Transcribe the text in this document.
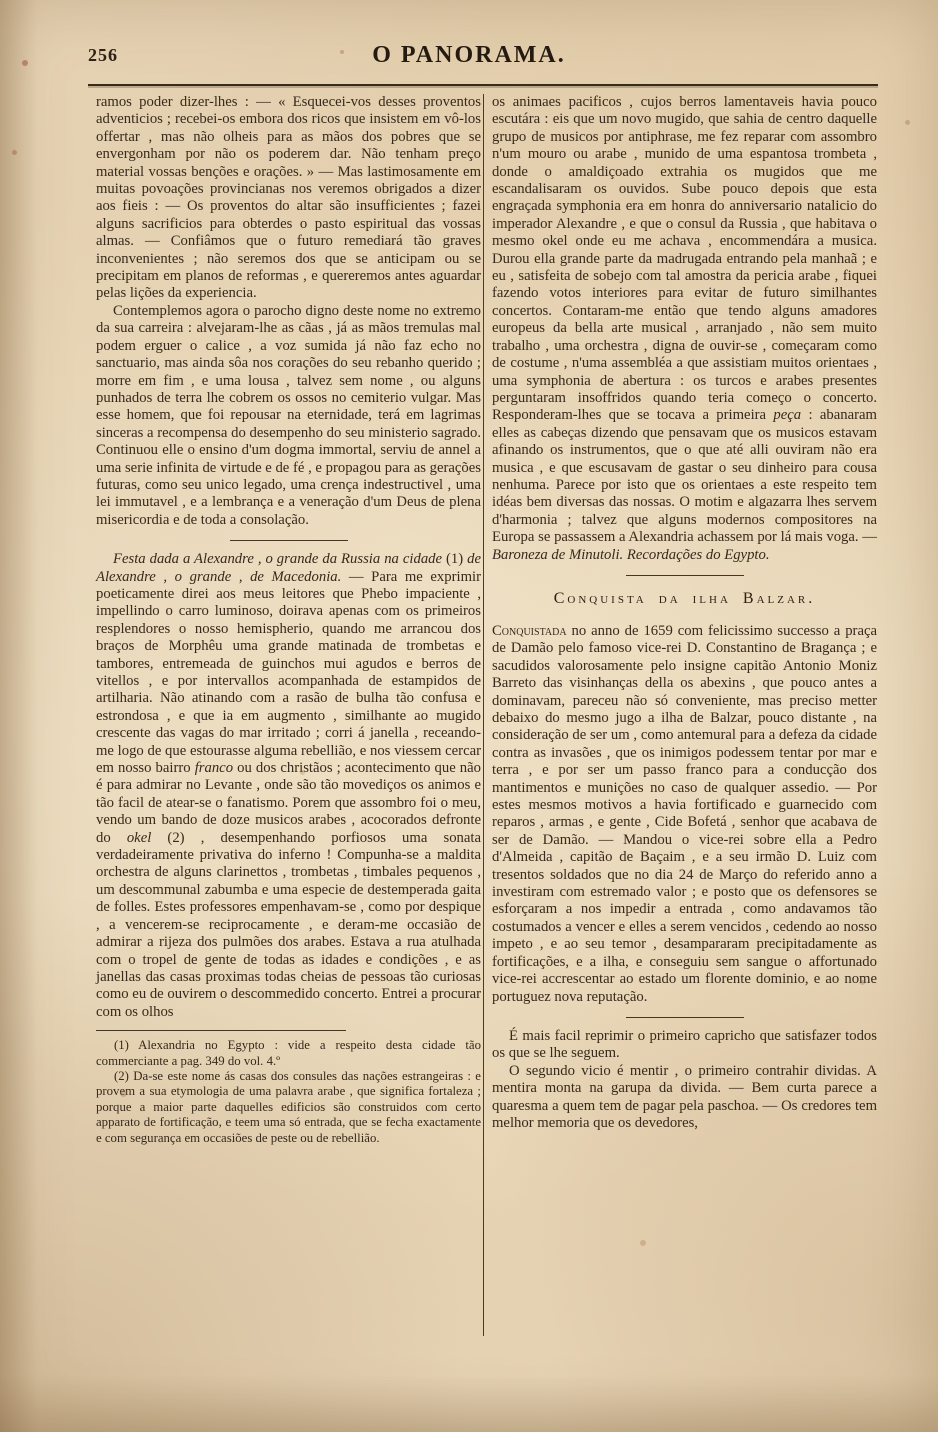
256	O PANORAMA.

ramos poder dizer-lhes : — « Esquecei-vos desses proventos adventicios ; recebei-os embora dos ricos que insistem em vô-los offertar , mas não olheis para as mãos dos pobres que se envergonham por não os poderem dar. Não tenham preço material vossas benções e orações. » — Mas lastimosamente em muitas povoações provincianas nos veremos obrigados a dizer aos fieis : — Os proventos do altar são insufficientes ; fazei alguns sacrificios para obterdes o pasto espiritual das vossas almas. — Confiâmos que o futuro remediará tão graves inconvenientes ; não seremos dos que se anticipam ou se precipitam em planos de reformas , e quereremos antes aguardar pelas lições da experiencia.

Contemplemos agora o parocho digno deste nome no extremo da sua carreira : alvejaram-lhe as cãas , já as mãos tremulas mal podem erguer o calice , a voz sumida já não faz echo no sanctuario, mas ainda sôa nos corações do seu rebanho querido ; morre em fim , e uma lousa , talvez sem nome , ou alguns punhados de terra lhe cobrem os ossos no cemiterio vulgar. Mas esse homem, que foi repousar na eternidade, terá em lagrimas sinceras a recompensa do desempenho do seu ministerio sagrado. Continuou elle o ensino d'um dogma immortal, serviu de annel a uma serie infinita de virtude e de fé , e propagou para as gerações futuras, como seu unico legado, uma crença indestructivel , uma lei immutavel , e a lembrança e a veneração d'um Deus de plena misericordia e de toda a consolação.

Festa dada a Alexandre , o grande da Russia na cidade (1) de Alexandre , o grande , de Macedonia. — Para me exprimir poeticamente direi aos meus leitores que Phebo impaciente , impellindo o carro luminoso, doirava apenas com os primeiros resplendores o nosso hemispherio, quando me arrancou dos braços de Morphêu uma grande matinada de trombetas e tambores, entremeada de guinchos mui agudos e berros de vitellos , e por intervallos acompanhada de estampidos de artilharia. Não atinando com a rasão de bulha tão confusa e estrondosa , e que ia em augmento , similhante ao mugido crescente das vagas do mar irritado ; corri á janella , receando-me logo de que estourasse alguma rebellião, e nos viessem cercar em nosso bairro franco ou dos christãos ; acontecimento que não é para admirar no Levante , onde são tão movediços os animos e tão facil de atear-se o fanatismo. Porem que assombro foi o meu, vendo um bando de doze musicos arabes , acocorados defronte do okel (2) , desempenhando porfiosos uma sonata verdadeiramente privativa do inferno ! Compunha-se a maldita orchestra de alguns clarinettos , trombetas , timbales pequenos , um descommunal zabumba e uma especie de destemperada gaita de folles. Estes professores empenhavam-se , como por despique , a vencerem-se reciprocamente , e deram-me occasião de admirar a rijeza dos pulmões dos arabes. Estava a rua atulhada com o tropel de gente de todas as idades e condições , e as janellas das casas proximas todas cheias de pessoas tão curiosas como eu de ouvirem o descommedido concerto. Entrei a procurar com os olhos

(1) Alexandria no Egypto : vide a respeito desta cidade tão commerciante a pag. 349 do vol. 4.º

(2) Da-se este nome ás casas dos consules das nações estrangeiras : e provem a sua etymologia de uma palavra arabe , que significa fortaleza ; porque a maior parte daquelles edificios são construidos com certo apparato de fortificação, e teem uma só entrada, que se fecha exactamente e com segurança em occasiões de peste ou de rebellião.

os animaes pacificos , cujos berros lamentaveis havia pouco escutára : eis que um novo mugido, que sahia de centro daquelle grupo de musicos por antiphrase, me fez reparar com assombro n'um mouro ou arabe , munido de uma espantosa trombeta , donde o amaldiçoado extrahia os mugidos que me escandalisaram os ouvidos. Sube pouco depois que esta engraçada symphonia era em honra do anniversario natalicio do imperador Alexandre , e que o consul da Russia , que habitava o mesmo okel onde eu me achava , encommendára a musica. Durou ella grande parte da madrugada entrando pela manhaã ; e eu , satisfeita de sobejo com tal amostra da pericia arabe , fiquei fazendo votos interiores para evitar de futuro similhantes concertos. Contaram-me então que tendo alguns amadores europeus da bella arte musical , arranjado , não sem muito trabalho , uma orchestra , digna de ouvir-se , começaram como de costume , n'uma assembléa a que assistiam muitos orientaes , uma symphonia de abertura : os turcos e arabes presentes perguntaram insoffridos quando teria começo o concerto. Responderam-lhes que se tocava a primeira peça : abanaram elles as cabeças dizendo que pensavam que os musicos estavam afinando os instrumentos, que o que até alli ouviram não era musica , e que escusavam de gastar o seu dinheiro para cousa nenhuma. Parece por isto que os orientaes a este respeito tem idéas bem diversas das nossas. O motim e algazarra lhes servem d'harmonia ; talvez que alguns modernos compositores na Europa se passassem a Alexandria achassem por lá mais voga. — Baroneza de Minutoli. Recordações do Egypto.

Conquista da ilha Balzar.

Conquistada no anno de 1659 com felicissimo successo a praça de Damão pelo famoso vice-rei D. Constantino de Bragança ; e sacudidos valorosamente pelo insigne capitão Antonio Moniz Barreto das visinhanças della os abexins , que pouco antes a dominavam, pareceu não só conveniente, mas preciso metter debaixo do mesmo jugo a ilha de Balzar, pouco distante , na consideração de ser um , como antemural para a defeza da cidade contra as invasões , que os inimigos podessem tentar por mar e terra , e por ser um passo franco para a conducção dos mantimentos e munições no caso de qualquer assedio. — Por estes mesmos motivos a havia fortificado e guarnecido com reparos , armas , e gente , Cide Bofetá , senhor que acabava de ser de Damão. — Mandou o vice-rei sobre ella a Pedro d'Almeida , capitão de Baçaim , e a seu irmão D. Luiz com tresentos soldados que no dia 24 de Março do referido anno a investiram com estremado valor ; e posto que os defensores se esforçaram a nos impedir a entrada , como andavamos tão costumados a vencer e elles a serem vencidos , cedendo ao nosso impeto , e ao seu temor , desampararam precipitadamente as fortificações, e a ilha, e conseguiu sem sangue o affortunado vice-rei accrescentar ao estado um florente dominio, e ao nome portuguez nova reputação.

É mais facil reprimir o primeiro capricho que satisfazer todos os que se lhe seguem.

O segundo vicio é mentir , o primeiro contrahir dividas. A mentira monta na garupa da divida. — Bem curta parece a quaresma a quem tem de pagar pela paschoa. — Os credores tem melhor memoria que os devedores,
